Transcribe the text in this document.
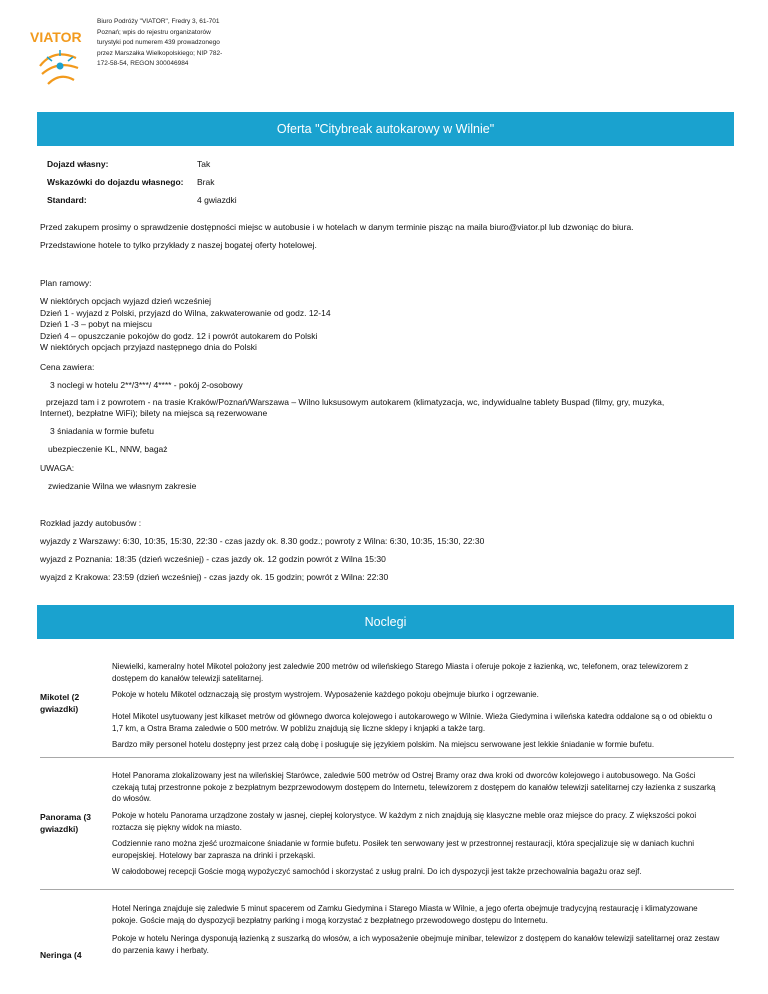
VIATOR
Biuro Podróży "VIATOR", Fredry 3, 61-701
Poznań; wpis do rejestru organizatorów
turystyki pod numerem 439 prowadzonego
przez Marszałka Wielkopolskiego; NIP 782-
172-58-54, REGON 300046984
Oferta "Citybreak autokarowy w Wilnie"
Dojazd własny:	Tak
Wskazówki do dojazdu własnego: Brak
Standard:	4 gwiazdki
Przed zakupem prosimy o sprawdzenie dostępności miejsc w autobusie i w hotelach w danym terminie pisząc na maila biuro@viator.pl lub dzwoniąc do biura.
Przedstawione hotele to tylko przykłady z naszej bogatej oferty hotelowej.
Plan ramowy:
W niektórych opcjach wyjazd dzień wcześniej
Dzień 1 - wyjazd z Polski, przyjazd do Wilna, zakwaterowanie od godz. 12-14
Dzień 1 -3 – pobyt na miejscu
Dzień 4 – opuszczanie pokojów do godz. 12 i powrót autokarem do Polski
W niektórych opcjach przyjazd następnego dnia do Polski
Cena zawiera:
3 noclegi w hotelu 2**/3***/ 4**** - pokój 2-osobowy
przejazd tam i z powrotem - na trasie Kraków/Poznań/Warszawa – Wilno luksusowym autokarem (klimatyzacja, wc, indywidualne tablety Buspad (filmy, gry, muzyka,
Internet), bezpłatne WiFi); bilety na miejsca są rezerwowane
3 śniadania w formie bufetu
ubezpieczenie KL, NNW, bagaż
UWAGA:
zwiedzanie Wilna we własnym zakresie
Rozkład jazdy autobusów :
wyjazdy z Warszawy: 6:30, 10:35, 15:30, 22:30 - czas jazdy ok. 8.30 godz.; powroty z Wilna: 6:30, 10:35, 15:30, 22:30
wyjazd z Poznania: 18:35 (dzień wcześniej) - czas jazdy ok. 12 godzin powrót z Wilna 15:30
wyajzd z Krakowa: 23:59 (dzień wcześniej) - czas jazdy ok. 15 godzin; powrót z Wilna: 22:30
Noclegi
Mikotel (2 gwiazdki)
Niewielki, kameralny hotel Mikotel położony jest zaledwie 200 metrów od wileńskiego Starego Miasta i oferuje pokoje z łazienką, wc, telefonem, oraz telewizorem z dostępem do kanałów telewizji satelitarnej.
Pokoje w hotelu Mikotel odznaczają się prostym wystrojem. Wyposażenie każdego pokoju obejmuje biurko i ogrzewanie.
Hotel Mikotel usytuowany jest kilkaset metrów od głównego dworca kolejowego i autokarowego w Wilnie. Wieża Giedymina i wileńska katedra oddalone są o od obiektu o 1,7 km, a Ostra Brama zaledwie o 500 metrów. W pobliżu znajdują się liczne sklepy i knjapki a także targ.
Bardzo miły personel hotelu dostępny jest przez całą dobę i posługuje się językiem polskim. Na miejscu serwowane jest lekkie śniadanie w formie bufetu.
Panorama (3 gwiazdki)
Hotel Panorama zlokalizowany jest na wileńskiej Starówce, zaledwie 500 metrów od Ostrej Bramy oraz dwa kroki od dworców kolejowego i autobusowego. Na Gości czekają tutaj przestronne pokoje z bezpłatnym bezprzewodowym dostępem do Internetu, telewizorem z dostępem do kanałów telewizji satelitarnej czy łazienka z suszarką do włosów.
Pokoje w hotelu Panorama urządzone zostały w jasnej, ciepłej kolorystyce. W każdym z nich znajdują się klasyczne meble oraz miejsce do pracy. Z większości pokoi roztacza się piękny widok na miasto.
Codziennie rano można zjeść urozmaicone śniadanie w formie bufetu. Posiłek ten serwowany jest w przestronnej restauracji, która specjalizuje się w daniach kuchni europejskiej. Hotelowy bar zaprasza na drinki i przekąski.
W całodobowej recepcji Goście mogą wypożyczyć samochód i skorzystać z usług pralni. Do ich dyspozycji jest także przechowalnia bagażu oraz sejf.
Neringa (4
Hotel Neringa znajduje się zaledwie 5 minut spacerem od Zamku Giedymina i Starego Miasta w Wilnie, a jego oferta obejmuje tradycyjną restaurację i klimatyzowane pokoje. Goście mają do dyspozycji bezpłatny parking i mogą korzystać z bezpłatnego przewodowego dostępu do Internetu.
Pokoje w hotelu Neringa dysponują łazienką z suszarką do włosów, a ich wyposażenie obejmuje minibar, telewizor z dostępem do kanałów telewizji satelitarnej oraz zestaw do parzenia kawy i herbaty.
